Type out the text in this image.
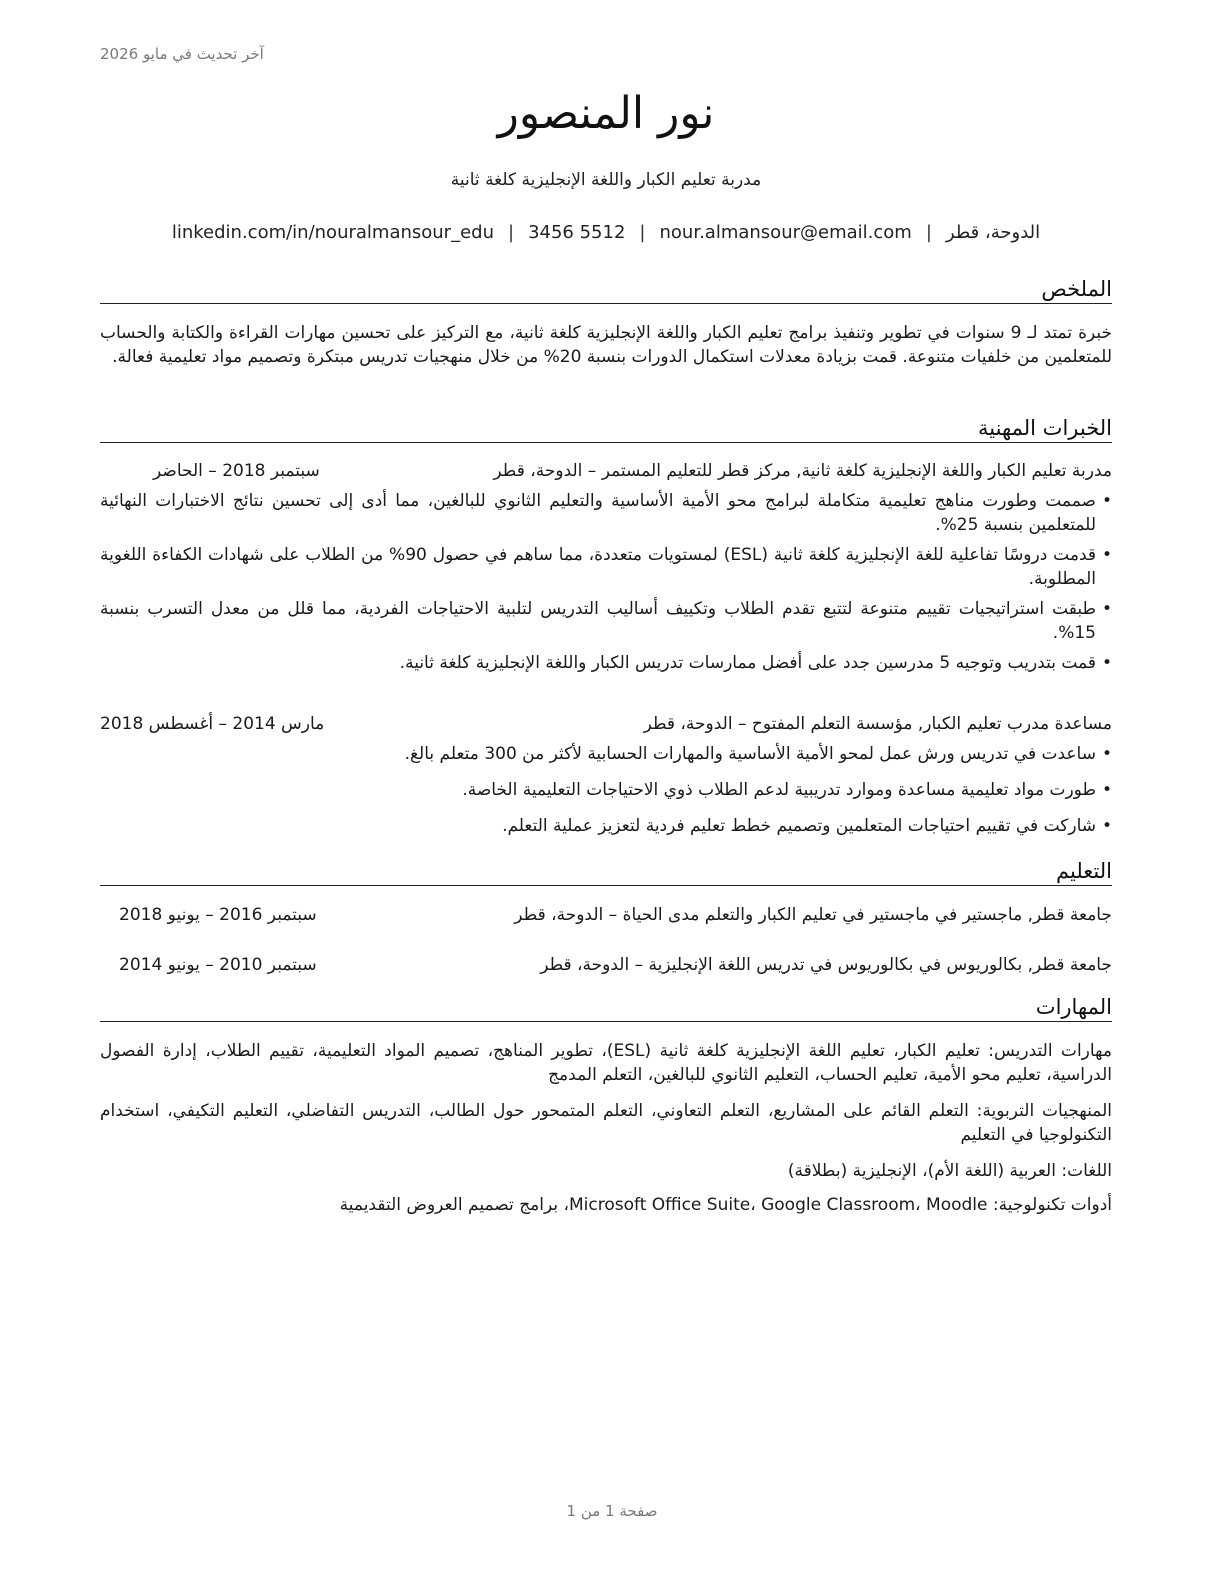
آخر تحديث في مايو 2026
نور المنصور
مدربة تعليم الكبار واللغة الإنجليزية كلغة ثانية
الدوحة، قطر|nour.almansour@email.com|3456 5512|linkedin.com/in/nouralmansour_edu
الملخص

خبرة تمتد لـ 9 سنوات في تطوير وتنفيذ برامج تعليم الكبار واللغة الإنجليزية كلغة ثانية، مع التركيز على تحسين مهارات القراءة والكتابة والحساب للمتعلمين من خلفيات متنوعة. قمت بزيادة معدلات استكمال الدورات بنسبة 20% من خلال منهجيات تدريس مبتكرة وتصميم مواد تعليمية فعالة.

الخبرات المهنية
مدربة تعليم الكبار واللغة الإنجليزية كلغة ثانية, مركز قطر للتعليم المستمر – الدوحة، قطر
سبتمبر 2018 – الحاضر
• صممت وطورت مناهج تعليمية متكاملة لبرامج محو الأمية الأساسية والتعليم الثانوي للبالغين، مما أدى إلى تحسين نتائج الاختبارات النهائية للمتعلمين بنسبة 25%.
• قدمت دروسًا تفاعلية للغة الإنجليزية كلغة ثانية (ESL) لمستويات متعددة، مما ساهم في حصول 90% من الطلاب على شهادات الكفاءة اللغوية المطلوبة.
• طبقت استراتيجيات تقييم متنوعة لتتبع تقدم الطلاب وتكييف أساليب التدريس لتلبية الاحتياجات الفردية، مما قلل من معدل التسرب بنسبة 15%.
• قمت بتدريب وتوجيه 5 مدرسين جدد على أفضل ممارسات تدريس الكبار واللغة الإنجليزية كلغة ثانية.
مساعدة مدرب تعليم الكبار, مؤسسة التعلم المفتوح – الدوحة، قطر
مارس 2014 – أغسطس 2018
• ساعدت في تدريس ورش عمل لمحو الأمية الأساسية والمهارات الحسابية لأكثر من 300 متعلم بالغ.
• طورت مواد تعليمية مساعدة وموارد تدريبية لدعم الطلاب ذوي الاحتياجات التعليمية الخاصة.
• شاركت في تقييم احتياجات المتعلمين وتصميم خطط تعليم فردية لتعزيز عملية التعلم.
التعليم
جامعة قطر, ماجستير في ماجستير في تعليم الكبار والتعلم مدى الحياة – الدوحة، قطر
سبتمبر 2016 – يونيو 2018
جامعة قطر, بكالوريوس في بكالوريوس في تدريس اللغة الإنجليزية – الدوحة، قطر
سبتمبر 2010 – يونيو 2014
المهارات

مهارات التدريس: تعليم الكبار، تعليم اللغة الإنجليزية كلغة ثانية (ESL)، تطوير المناهج، تصميم المواد التعليمية، تقييم الطلاب، إدارة الفصول الدراسية، تعليم محو الأمية، تعليم الحساب، التعليم الثانوي للبالغين، التعلم المدمج

المنهجيات التربوية: التعلم القائم على المشاريع، التعلم التعاوني، التعلم المتمحور حول الطالب، التدريس التفاضلي، التعليم التكيفي، استخدام التكنولوجيا في التعليم

اللغات: العربية (اللغة الأم)، الإنجليزية (بطلاقة)

أدوات تكنولوجية: Microsoft Office Suite، Google Classroom، Moodle، برامج تصميم العروض التقديمية

صفحة 1 من 1
